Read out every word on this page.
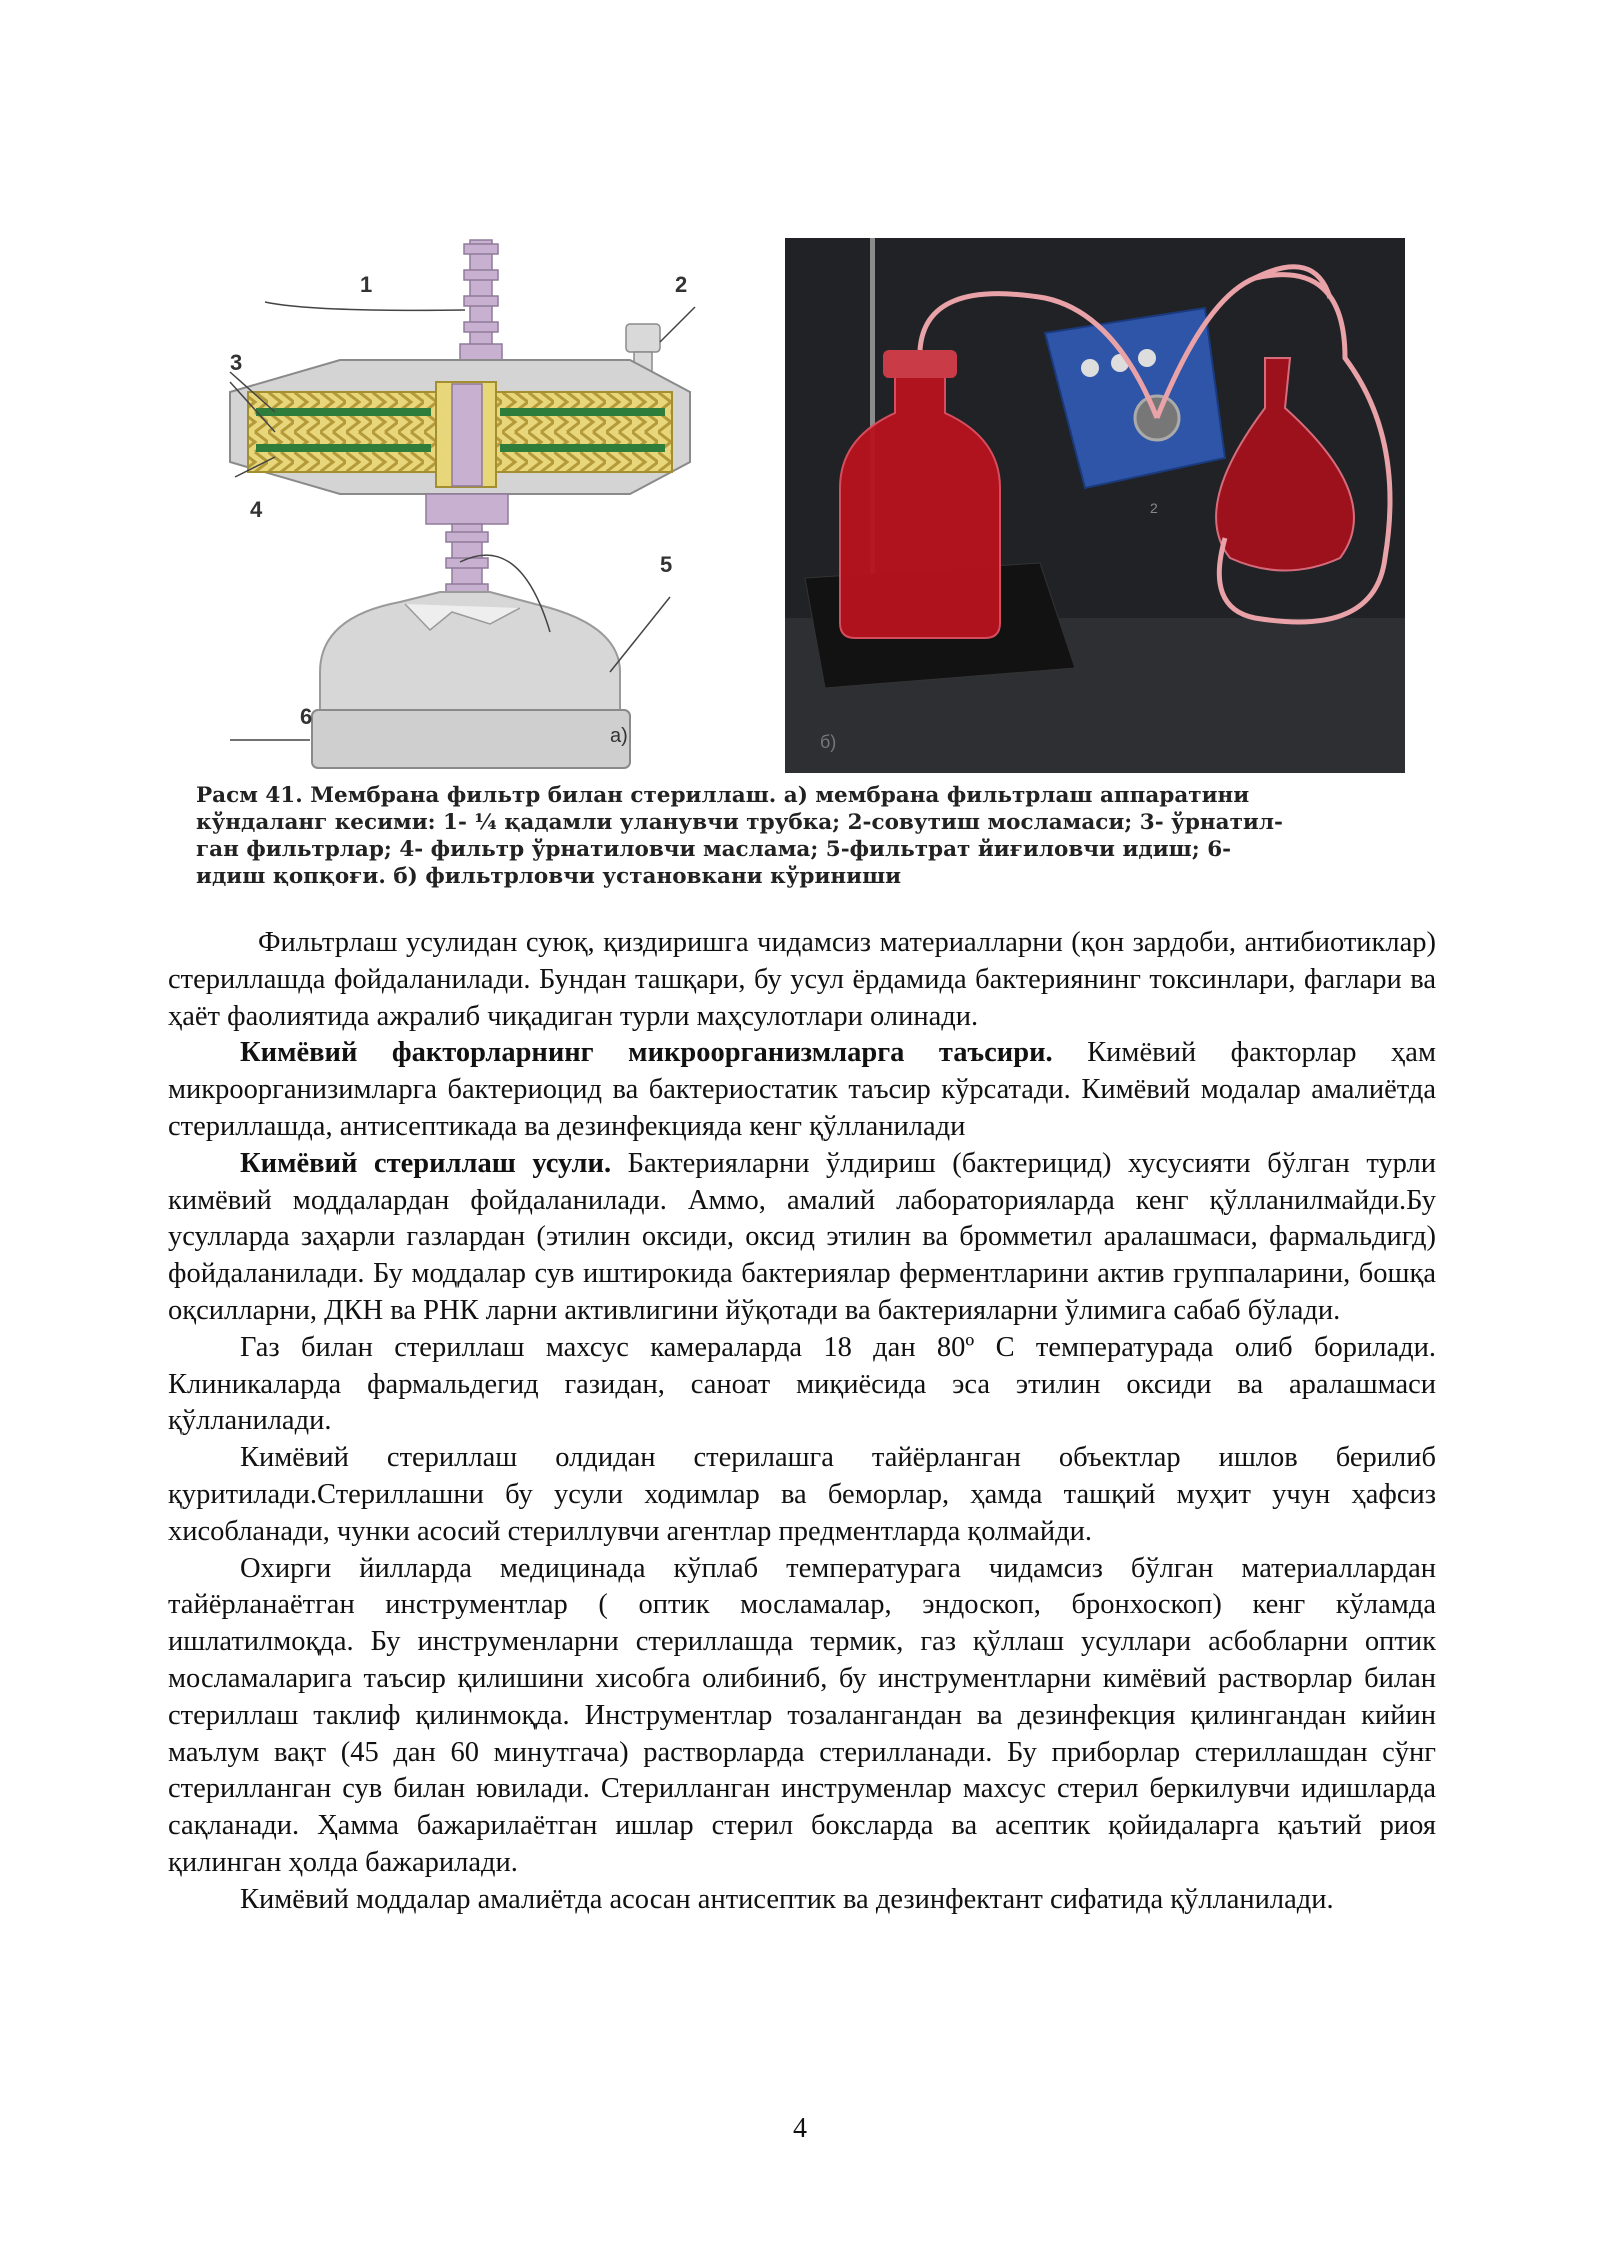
1	2
3
4
5
6
а)
2
б)
Расм 41. Мембрана фильтр билан стериллаш. а) мембрана фильтрлаш аппаратини
кўндаланг кесими: 1- ¼ қадамли уланувчи трубка; 2-совутиш мосламаси; 3- ўрнатил-
ган фильтрлар; 4- фильтр ўрнатиловчи маслама; 5-фильтрат йиғиловчи идиш; 6-
идиш қопқоғи. б) фильтрловчи установкани кўриниши

Фильтрлаш усулидан суюқ, қиздиришга чидамсиз материалларни (қон зардоби, антибиотиклар) стериллашда фойдаланилади. Бундан ташқари, бу усул ёрдамида бактериянинг токсинлари, фаглари ва ҳаёт фаолиятида ажралиб чиқадиган турли маҳсулотлари олинади.

Кимёвий факторларнинг микроорганизмларга таъсири. Кимёвий факторлар ҳам микроорганизимларга бактериоцид ва бактериостатик таъсир кўрсатади. Кимёвий модалар амалиётда стериллашда, антисептикада ва дезинфекцияда кенг қўлланилади

Кимёвий стериллаш усули. Бактерияларни ўлдириш (бактерицид) хусусияти бўлган турли кимёвий моддалардан фойдаланилади. Аммо, амалий лабораторияларда кенг қўлланилмайди.Бу усулларда заҳарли газлардан (этилин оксиди, оксид этилин ва бромметил аралашмаси, фармальдигд) фойдаланилади. Бу моддалар сув иштирокида бактериялар ферментларини актив группаларини, бошқа оқсилларни, ДКН ва РНК ларни активлигини йўқотади ва бактерияларни ўлимига сабаб бўлади.

Газ билан стериллаш махсус камераларда 18 дан 80º С температурада олиб борилади. Клиникаларда фармальдегид газидан, саноат миқиёсида эса этилин оксиди ва аралашмаси қўлланилади.

Кимёвий стериллаш олдидан стерилашга тайёрланган объектлар ишлов берилиб қуритилади.Стериллашни бу усули ходимлар ва беморлар, ҳамда ташқий муҳит учун ҳафсиз хисобланади, чунки асосий стериллувчи агентлар предментларда қолмайди.

Охирги йилларда медицинада кўплаб температурага чидамсиз бўлган материаллардан тайёрланаётган инструментлар ( оптик мосламалар, эндоскоп, бронхоскоп) кенг кўламда ишлатилмоқда. Бу инструменларни стериллашда термик, газ қўллаш усуллари асбобларни оптик мосламаларига таъсир қилишини хисобга олибиниб, бу инструментларни кимёвий растворлар билан стериллаш таклиф қилинмоқда. Инструментлар тозалангандан ва дезинфекция қилингандан кийин маълум вақт (45 дан 60 минутгача) растворларда стерилланади. Бу приборлар стериллашдан сўнг стерилланган сув билан ювилади. Стерилланган инструменлар махсус стерил беркилувчи идишларда сақланади. Ҳамма бажарилаётган ишлар стерил боксларда ва асептик қойидаларга қаътий риоя қилинган ҳолда бажарилади.

Кимёвий моддалар амалиётда асосан антисептик ва дезинфектант сифатида қўлланилади.

4
